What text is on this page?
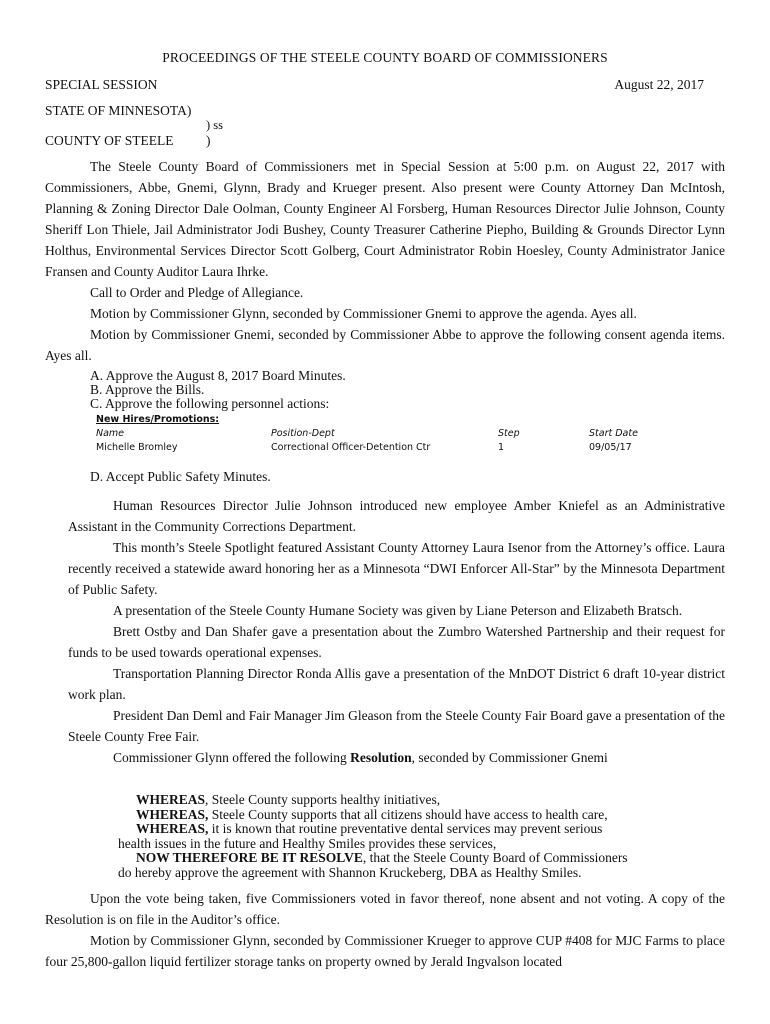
PROCEEDINGS OF THE STEELE COUNTY BOARD OF COMMISSIONERS
SPECIAL SESSION	August 22, 2017
STATE OF MINNESOTA)
) ss
COUNTY OF STEELE )

The Steele County Board of Commissioners met in Special Session at 5:00 p.m. on August 22, 2017 with Commissioners, Abbe, Gnemi, Glynn, Brady and Krueger present. Also present were County Attorney Dan McIntosh, Planning & Zoning Director Dale Oolman, County Engineer Al Forsberg, Human Resources Director Julie Johnson, County Sheriff Lon Thiele, Jail Administrator Jodi Bushey, County Treasurer Catherine Piepho, Building & Grounds Director Lynn Holthus, Environmental Services Director Scott Golberg, Court Administrator Robin Hoesley, County Administrator Janice Fransen and County Auditor Laura Ihrke.

Call to Order and Pledge of Allegiance.

Motion by Commissioner Glynn, seconded by Commissioner Gnemi to approve the agenda. Ayes all.

Motion by Commissioner Gnemi, seconded by Commissioner Abbe to approve the following consent agenda items. Ayes all.

A. Approve the August 8, 2017 Board Minutes.
B. Approve the Bills.
C. Approve the following personnel actions:
New Hires/Promotions:
Name	Position-Dept	Step	Start Date
Michelle Bromley	Correctional Officer-Detention Ctr	1	09/05/17
D. Accept Public Safety Minutes.

Human Resources Director Julie Johnson introduced new employee Amber Kniefel as an Administrative Assistant in the Community Corrections Department.

This month’s Steele Spotlight featured Assistant County Attorney Laura Isenor from the Attorney’s office. Laura recently received a statewide award honoring her as a Minnesota “DWI Enforcer All-Star” by the Minnesota Department of Public Safety.

A presentation of the Steele County Humane Society was given by Liane Peterson and Elizabeth Bratsch.

Brett Ostby and Dan Shafer gave a presentation about the Zumbro Watershed Partnership and their request for funds to be used towards operational expenses.

Transportation Planning Director Ronda Allis gave a presentation of the MnDOT District 6 draft 10-year district work plan.

President Dan Deml and Fair Manager Jim Gleason from the Steele County Fair Board gave a presentation of the Steele County Free Fair.

Commissioner Glynn offered the following Resolution, seconded by Commissioner Gnemi

WHEREAS, Steele County supports healthy initiatives,
WHEREAS, Steele County supports that all citizens should have access to health care,
WHEREAS, it is known that routine preventative dental services may prevent serious
health issues in the future and Healthy Smiles provides these services,
NOW THEREFORE BE IT RESOLVE, that the Steele County Board of Commissioners
do hereby approve the agreement with Shannon Kruckeberg, DBA as Healthy Smiles.

Upon the vote being taken, five Commissioners voted in favor thereof, none absent and not voting. A copy of the Resolution is on file in the Auditor’s office.

Motion by Commissioner Glynn, seconded by Commissioner Krueger to approve CUP #408 for MJC Farms to place four 25,800-gallon liquid fertilizer storage tanks on property owned by Jerald Ingvalson located
